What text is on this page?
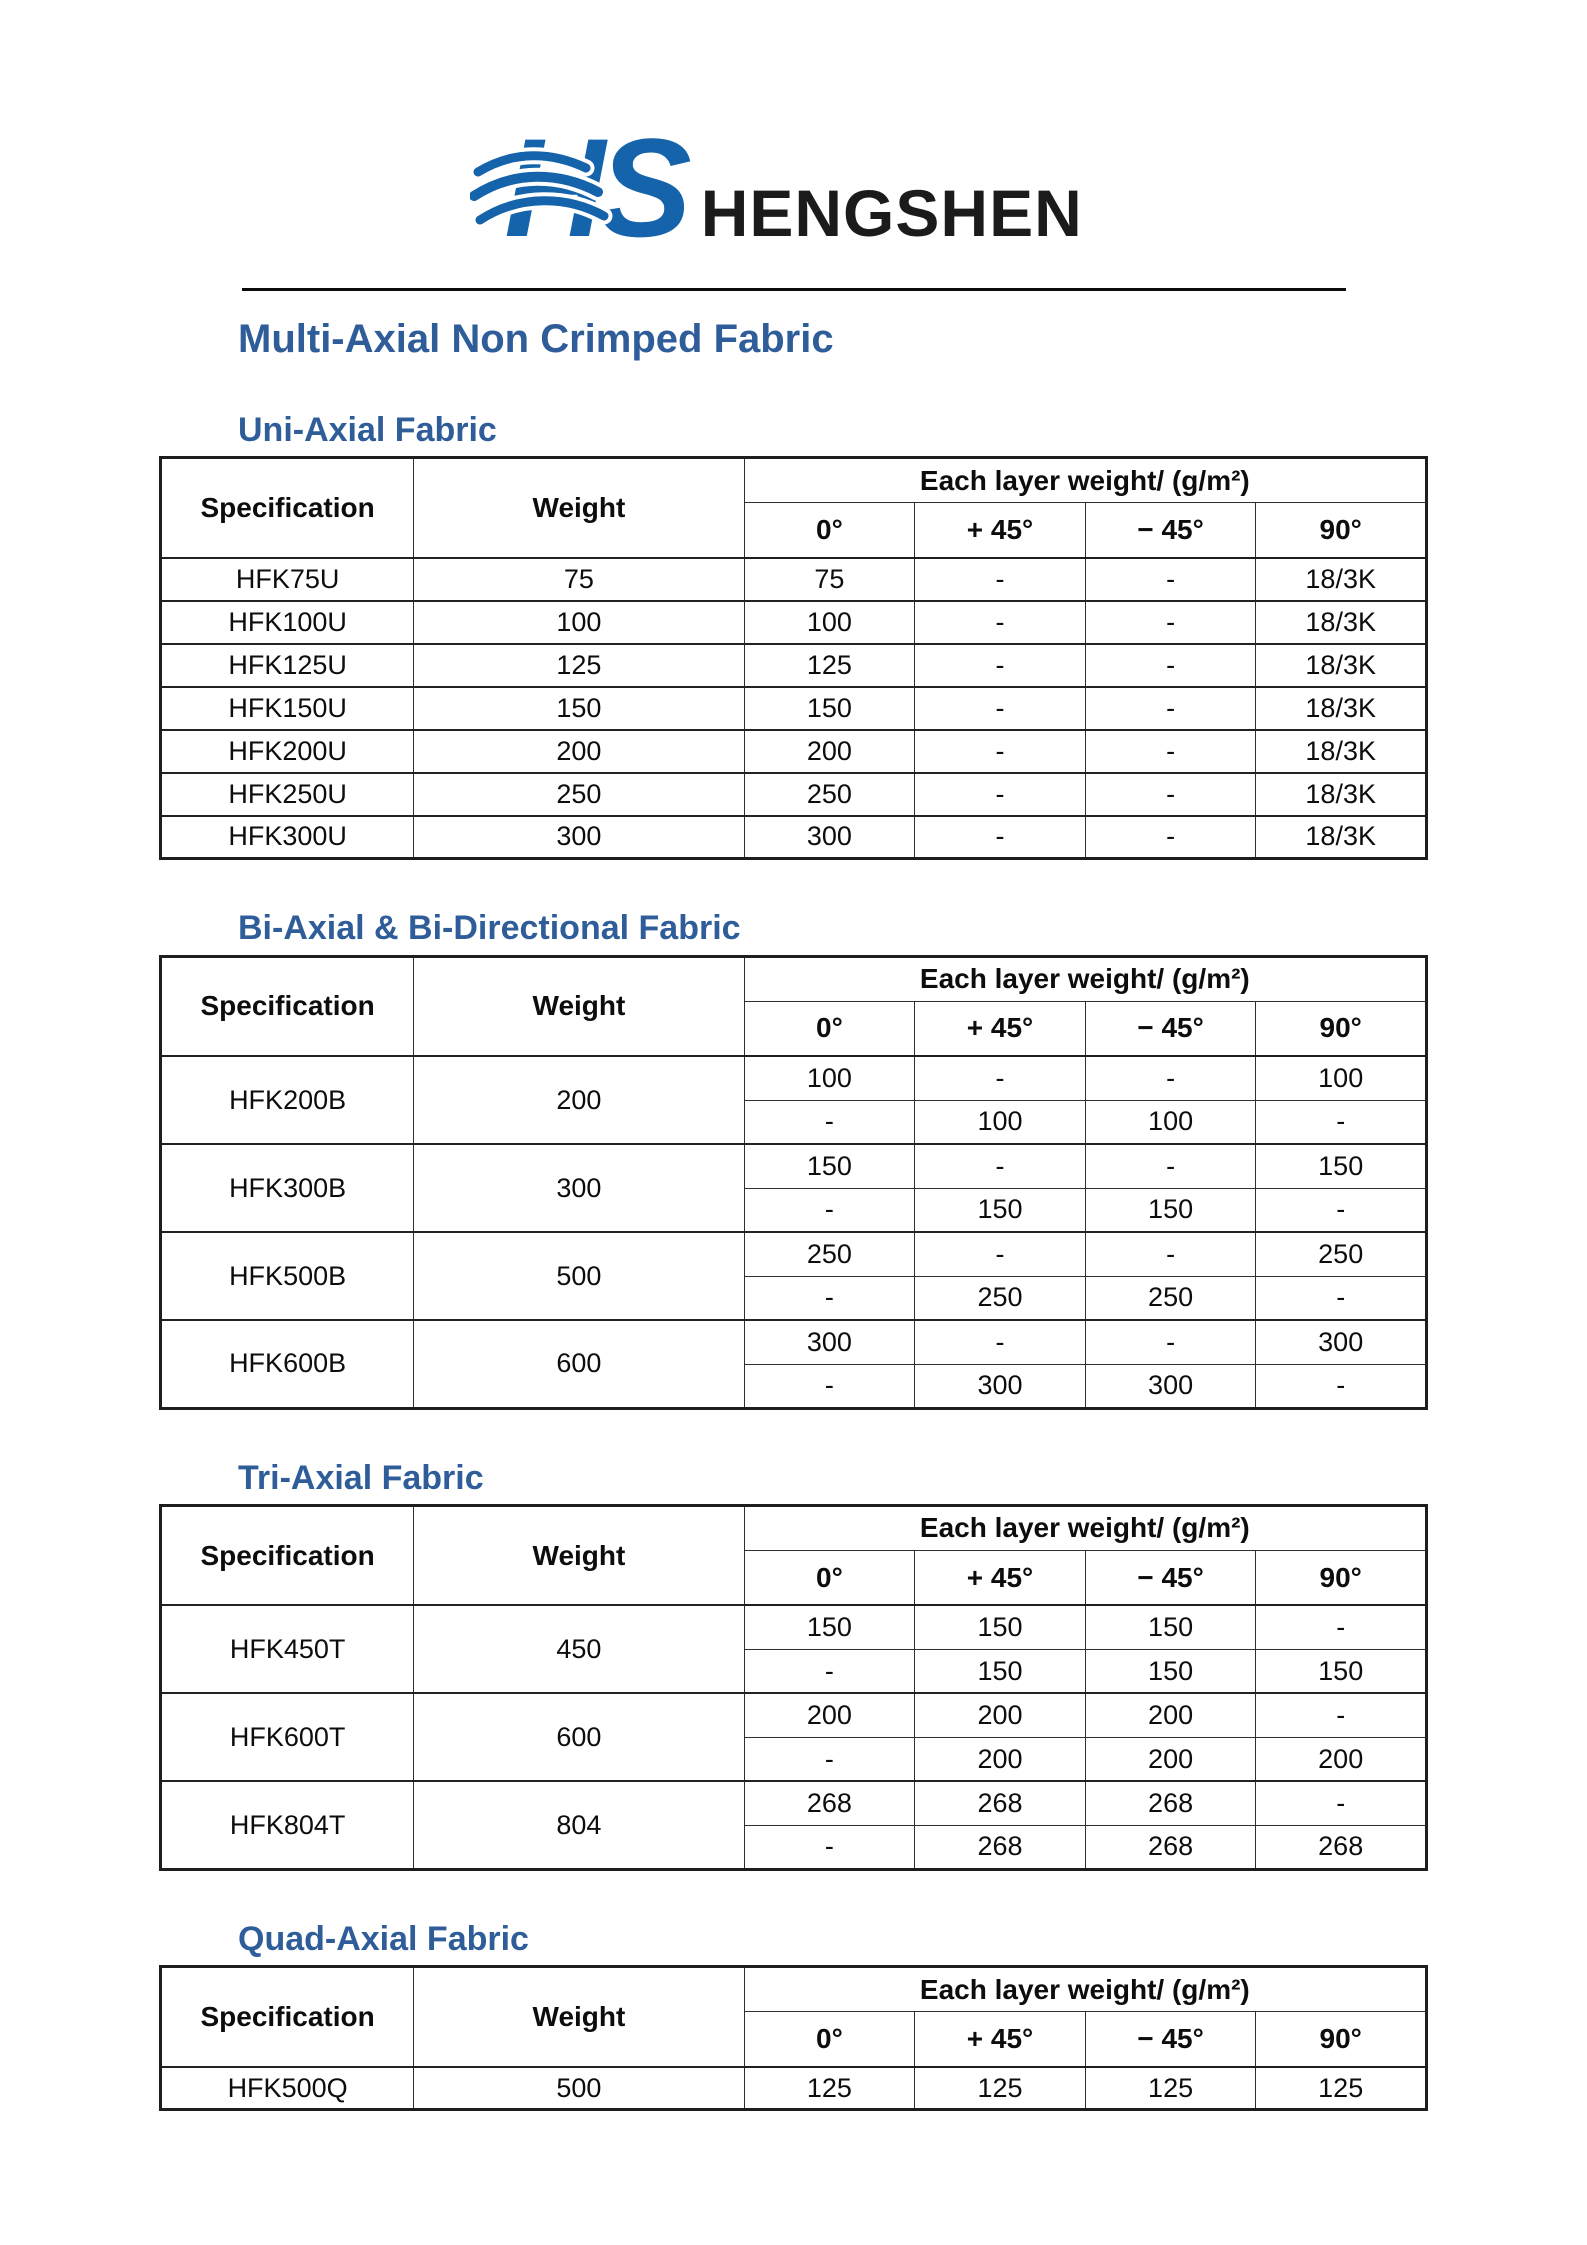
HS HENGSHEN
Multi-Axial Non Crimped Fabric
Uni-Axial Fabric
Specification	Weight	Each layer weight/ (g/m²)			
		0°	+ 45°	− 45°	90°
HFK75U	75	75	-	-	18/3K
HFK100U	100	100	-	-	18/3K
HFK125U	125	125	-	-	18/3K
HFK150U	150	150	-	-	18/3K
HFK200U	200	200	-	-	18/3K
HFK250U	250	250	-	-	18/3K
HFK300U	300	300	-	-	18/3K
Bi-Axial & Bi-Directional Fabric
Specification	Weight	Each layer weight/ (g/m²)			
		0°	+ 45°	− 45°	90°
HFK200B	200	100	-	-	100
		-	100	100	-
HFK300B	300	150	-	-	150
		-	150	150	-
HFK500B	500	250	-	-	250
		-	250	250	-
HFK600B	600	300	-	-	300
		-	300	300	-
Tri-Axial Fabric
Specification	Weight	Each layer weight/ (g/m²)			
		0°	+ 45°	− 45°	90°
HFK450T	450	150	150	150	-
		-	150	150	150
HFK600T	600	200	200	200	-
		-	200	200	200
HFK804T	804	268	268	268	-
		-	268	268	268
Quad-Axial Fabric
Specification	Weight	Each layer weight/ (g/m²)			
		0°	+ 45°	− 45°	90°
HFK500Q	500	125	125	125	125
